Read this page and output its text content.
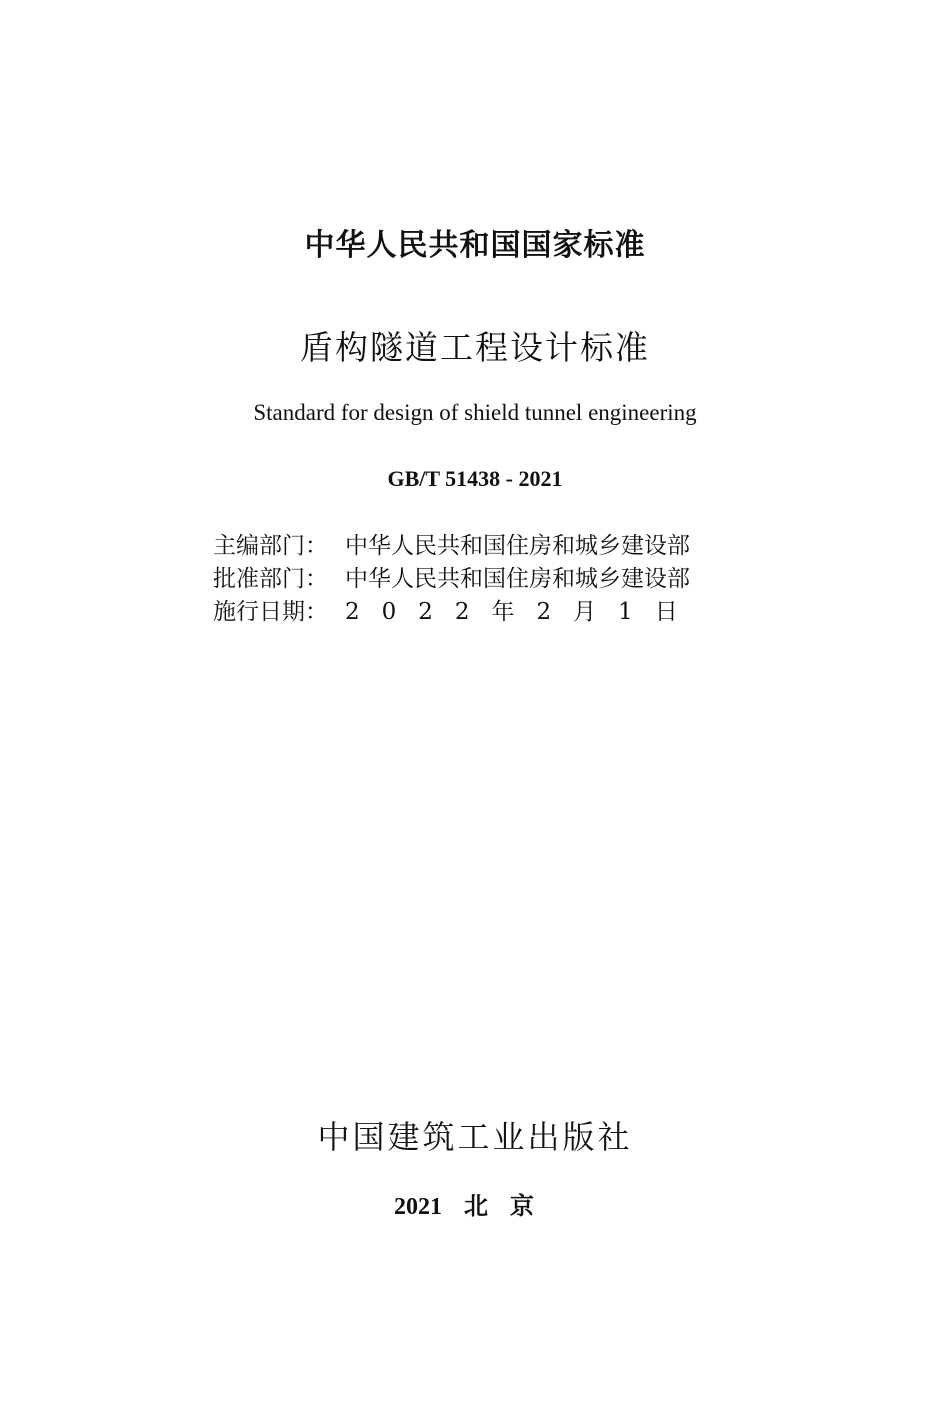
中华人民共和国国家标准
盾构隧道工程设计标准
Standard for design of shield tunnel engineering
GB/T 51438 - 2021
主编部门： 中华人民共和国住房和城乡建设部
批准部门： 中华人民共和国住房和城乡建设部
施行日期： 2022年2月1日
中国建筑工业出版社
2021 北京
